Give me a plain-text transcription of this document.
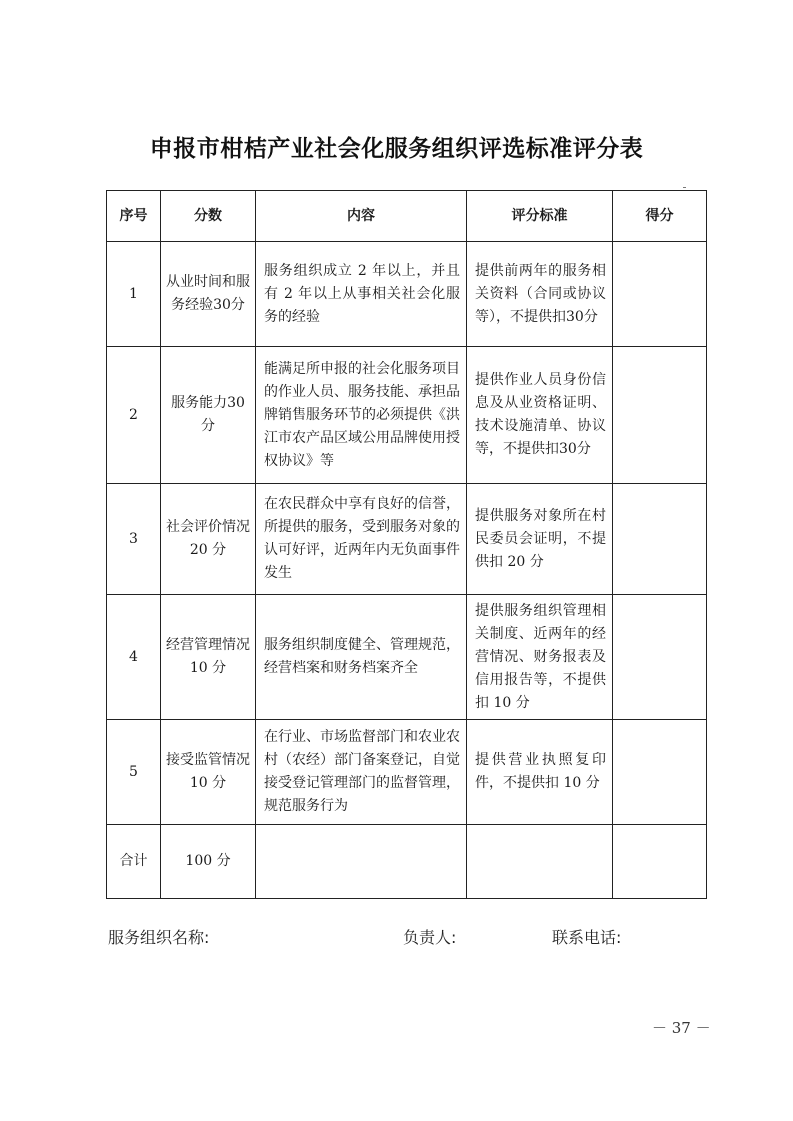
申报市柑桔产业社会化服务组织评选标准评分表
序号	分数	内容	评分标准	得分
1	从业时间和服务经验30分	服务组织成立 2 年以上，并且有 2 年以上从事相关社会化服务的经验	提供前两年的服务相关资料（合同或协议等），不提供扣30分	
2	服务能力30分	能满足所申报的社会化服务项目的作业人员、服务技能、承担品牌销售服务环节的必须提供《洪江市农产品区域公用品牌使用授权协议》等	提供作业人员身份信息及从业资格证明、技术设施清单、协议等，不提供扣30分	
3	社会评价情况 20 分	在农民群众中享有良好的信誉，所提供的服务，受到服务对象的认可好评，近两年内无负面事件发生	提供服务对象所在村民委员会证明，不提供扣 20 分	
4	经营管理情况 10 分	服务组织制度健全、管理规范，经营档案和财务档案齐全	提供服务组织管理相关制度、近两年的经营情况、财务报表及信用报告等，不提供扣 10 分	
5	接受监管情况 10 分	在行业、市场监督部门和农业农村（农经）部门备案登记，自觉接受登记管理部门的监督管理，规范服务行为	提供营业执照复印件，不提供扣 10 分	
合计	100 分			
服务组织名称:	负责人:	联系电话:
－ 37 －
